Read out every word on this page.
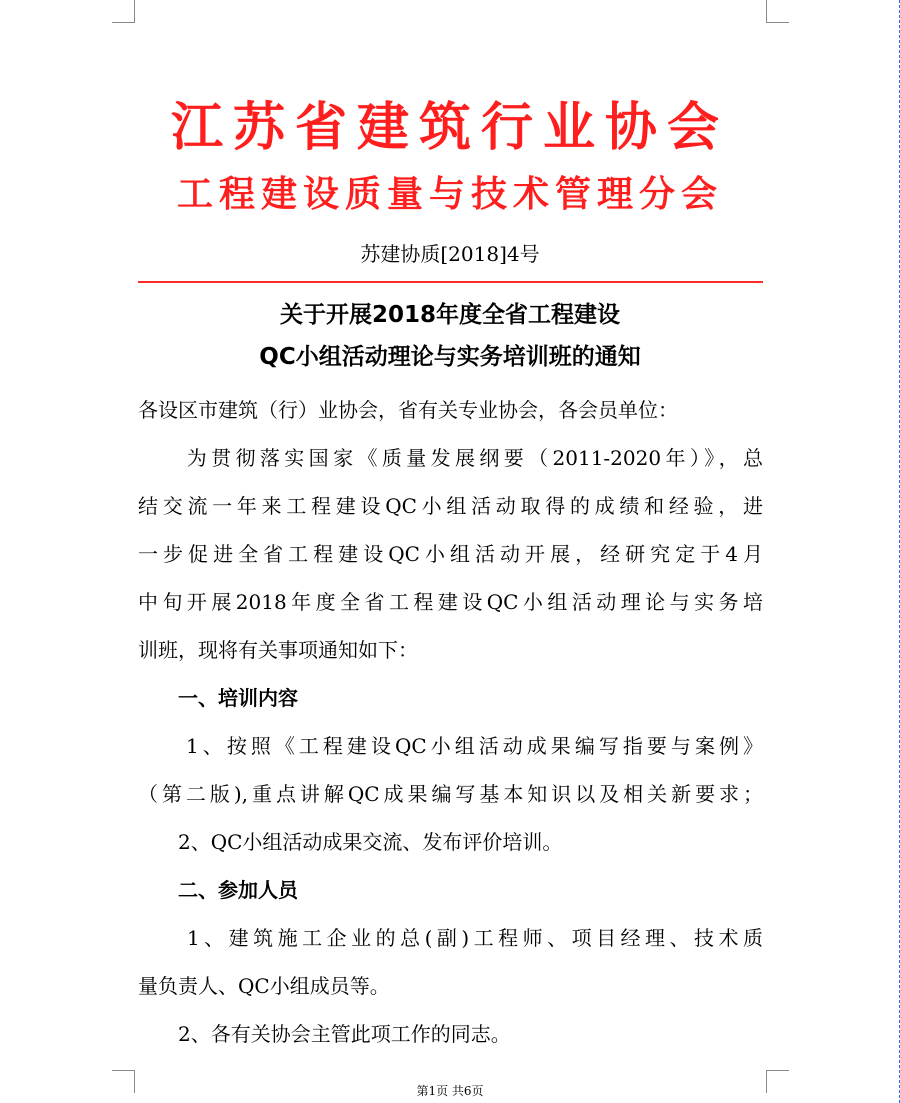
江苏省建筑行业协会
工程建设质量与技术管理分会
苏建协质[2018]4号
关于开展2018年度全省工程建设
QC小组活动理论与实务培训班的通知
各设区市建筑（行）业协会，省有关专业协会，各会员单位：
　　为贯彻落实国家《质量发展纲要（2011-2020年）》，总
结交流一年来工程建设QC小组活动取得的成绩和经验，进
一步促进全省工程建设QC小组活动开展，经研究定于4月
中旬开展2018年度全省工程建设QC小组活动理论与实务培
训班，现将有关事项通知如下：
　　一、培训内容
　　1、按照《工程建设QC小组活动成果编写指要与案例》
（第二版),重点讲解QC成果编写基本知识以及相关新要求；
　　2、QC小组活动成果交流、发布评价培训。
　　二、参加人员
　　1、建筑施工企业的总(副)工程师、项目经理、技术质
量负责人、QC小组成员等。
　　2、各有关协会主管此项工作的同志。
第1页 共6页
